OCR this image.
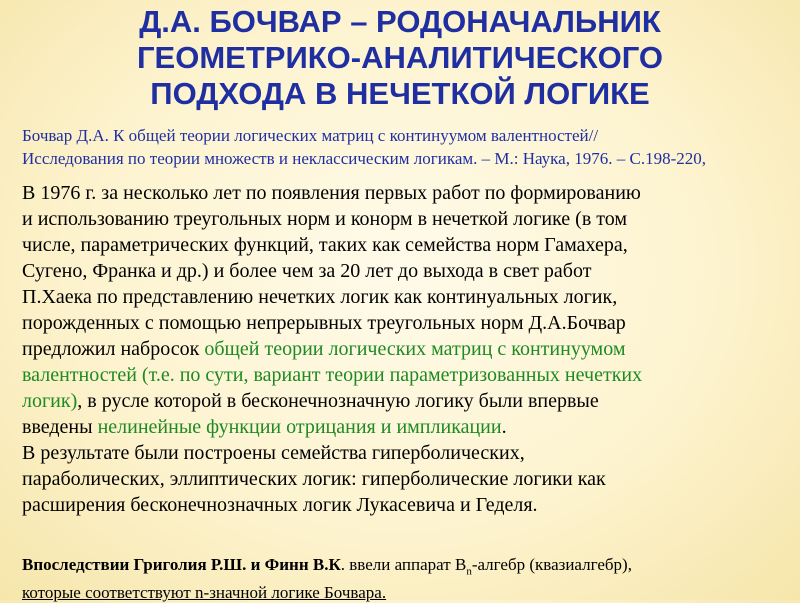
Д.А. БОЧВАР – РОДОНАЧАЛЬНИК
ГЕОМЕТРИКО-АНАЛИТИЧЕСКОГО
ПОДХОДА В НЕЧЕТКОЙ ЛОГИКЕ
Бочвар Д.А. К общей теории логических матриц с континуумом валентностей//
Исследования по теории множеств и неклассическим логикам. – М.: Наука, 1976. – С.198-220,
В 1976 г. за несколько лет по появления первых работ по формированию
и использованию треугольных норм и конорм в нечеткой логике (в том
числе, параметрических функций, таких как семейства норм Гамахера,
Сугено, Франка и др.) и более чем за 20 лет до выхода в свет работ
П.Хаека по представлению нечетких логик как континуальных логик,
порожденных с помощью непрерывных треугольных норм Д.А.Бочвар
предложил набросок общей теории логических матриц с континуумом
валентностей (т.е. по сути, вариант теории параметризованных нечетких
логик), в русле которой в бесконечнозначную логику были впервые
введены нелинейные функции отрицания и импликации.
В результате были построены семейства гиперболических,
параболических, эллиптических логик: гиперболические логики как
расширения бесконечнозначных логик Лукасевича и Геделя.
Впоследствии Григолия Р.Ш. и Финн В.К. ввели аппарат $B_n$-алгебр (квазиалгебр),
которые соответствуют n-значной логике Бочвара.
